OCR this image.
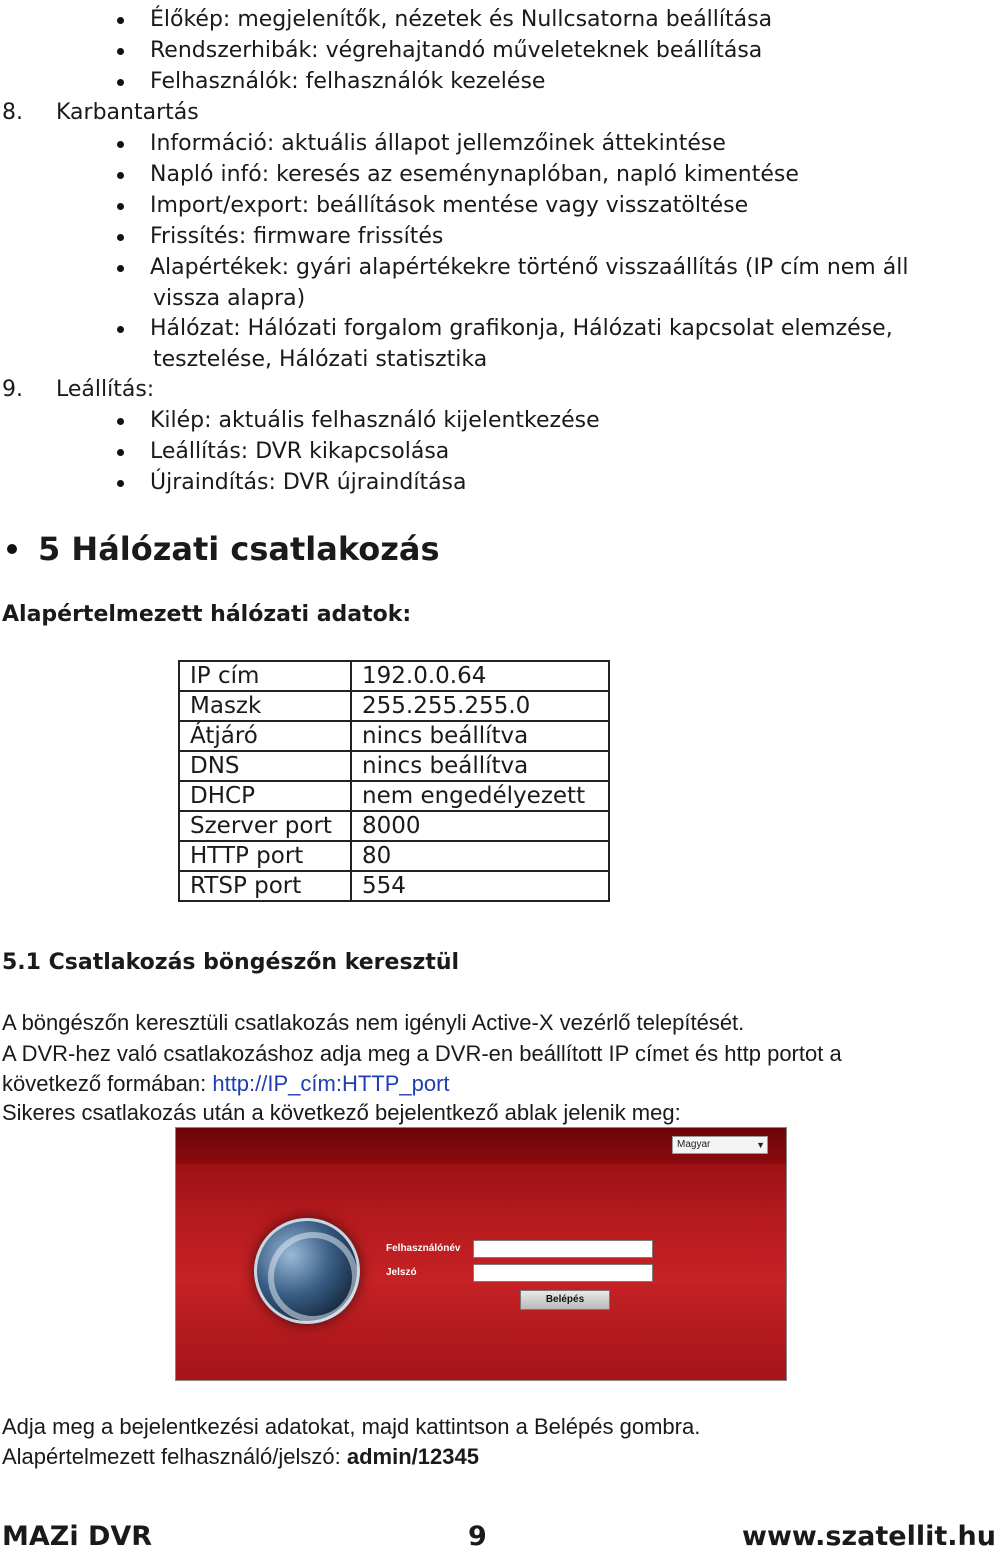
Élőkép: megjelenítők, nézetek és Nullcsatorna beállítása
Rendszerhibák: végrehajtandó műveleteknek beállítása
Felhasználók: felhasználók kezelése
8. Karbantartás
Információ: aktuális állapot jellemzőinek áttekintése
Napló infó: keresés az eseménynaplóban, napló kimentése
Import/export: beállítások mentése vagy visszatöltése
Frissítés: firmware frissítés
Alapértékek: gyári alapértékekre történő visszaállítás (IP cím nem áll
vissza alapra)
Hálózat: Hálózati forgalom grafikonja, Hálózati kapcsolat elemzése,
tesztelése, Hálózati statisztika
9. Leállítás:
Kilép: aktuális felhasználó kijelentkezése
Leállítás: DVR kikapcsolása
Újraindítás: DVR újraindítása
5 Hálózati csatlakozás
Alapértelmezett hálózati adatok:
IP cím	192.0.0.64
Maszk	255.255.255.0
Átjáró	nincs beállítva
DNS	nincs beállítva
DHCP	nem engedélyezett
Szerver port	8000
HTTP port	80
RTSP port	554
5.1 Csatlakozás böngészőn keresztül
A böngészőn keresztüli csatlakozás nem igényli Active-X vezérlő telepítését.
A DVR-hez való csatlakozáshoz adja meg a DVR-en beállított IP címet és http portot a
következő formában: http://IP_cím:HTTP_port
Sikeres csatlakozás után a következő bejelentkező ablak jelenik meg:
Magyar	▼
Felhasználónév
Jelszó
Belépés
Adja meg a bejelentkezési adatokat, majd kattintson a Belépés gombra.
Alapértelmezett felhasználó/jelszó: admin/12345
MAZi DVR	9	www.szatellit.hu
